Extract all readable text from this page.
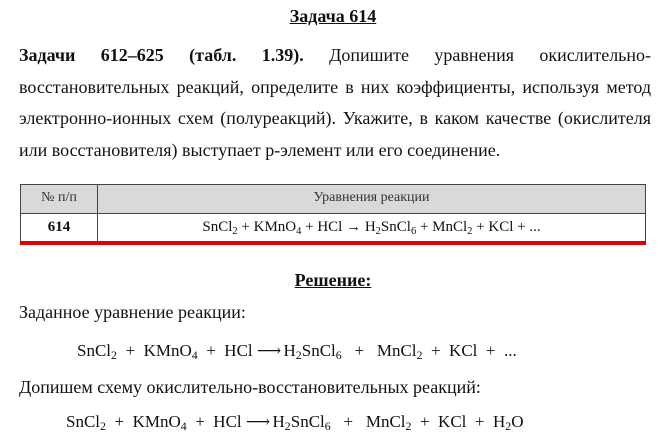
Задача 614
Задачи 612–625 (табл. 1.39). Допишите уравнения окислительно-восстановительных реакций, определите в них коэффициенты, используя метод электронно-ионных схем (полуреакций). Укажите, в каком качестве (окислителя или восстановителя) выступает p-элемент или его соединение.
№ п/п	Уравнения реакции
614	SnCl$_2$ + KMnO$_4$ + HCl → $H_2SnCl_6$ + MnCl$_2$ + KCl + ...
Решение:
Заданное уравнение реакции:
SnCl$_2$  +  KMnO$_4$  +  HCl ⟶ $H_2SnCl_6$   +   MnCl$_2$  +  KCl  +  ...
Допишем схему окислительно-восстановительных реакций:
SnCl$_2$  +  KMnO$_4$  +  HCl ⟶ $H_2SnCl_6$   +   MnCl$_2$  +  KCl  +  $H_2O$
